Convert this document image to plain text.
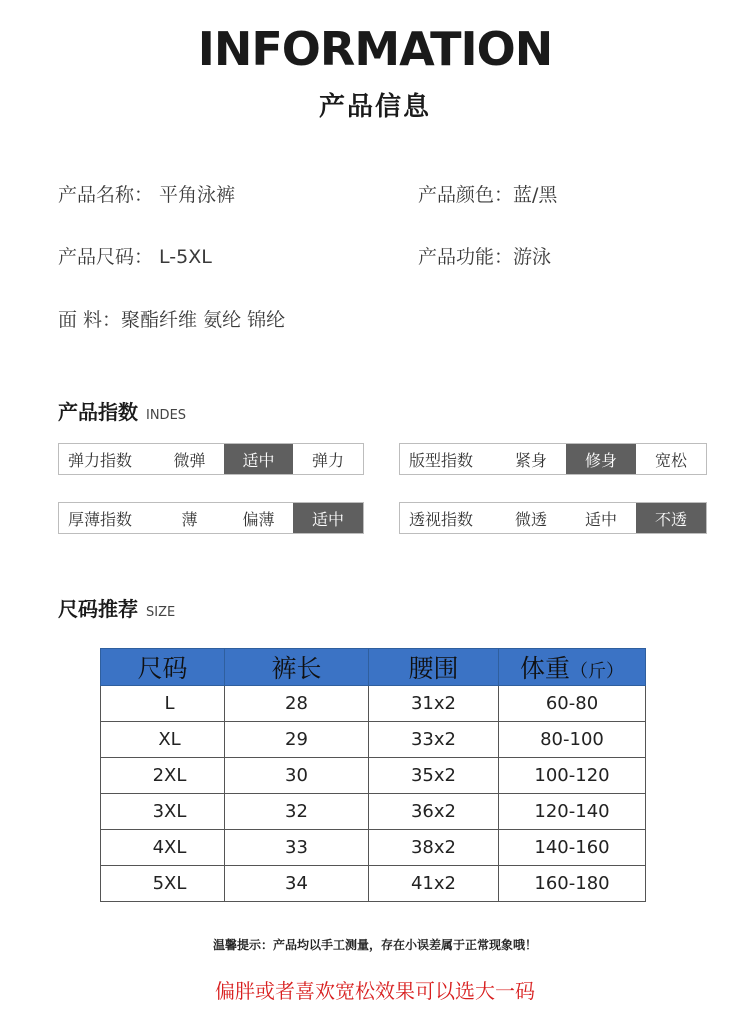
INFORMATION
产品信息
产品名称： 平角泳裤	产品颜色：蓝/黑
产品尺码： L-5XL	产品功能：游泳
面 料：聚酯纤维 氨纶 锦纶
产品指数 INDES
弹力指数	微弹	适中	弹力	版型指数	紧身	修身	宽松
厚薄指数	薄	偏薄	适中	透视指数	微透	适中	不透
尺码推荐 SIZE
尺码	裤长	腰围	体重（斤）
L	28	31x2	60-80
XL	29	33x2	80-100
2XL	30	35x2	100-120
3XL	32	36x2	120-140
4XL	33	38x2	140-160
5XL	34	41x2	160-180
温馨提示：产品均以手工测量，存在小误差属于正常现象哦！
偏胖或者喜欢宽松效果可以选大一码
